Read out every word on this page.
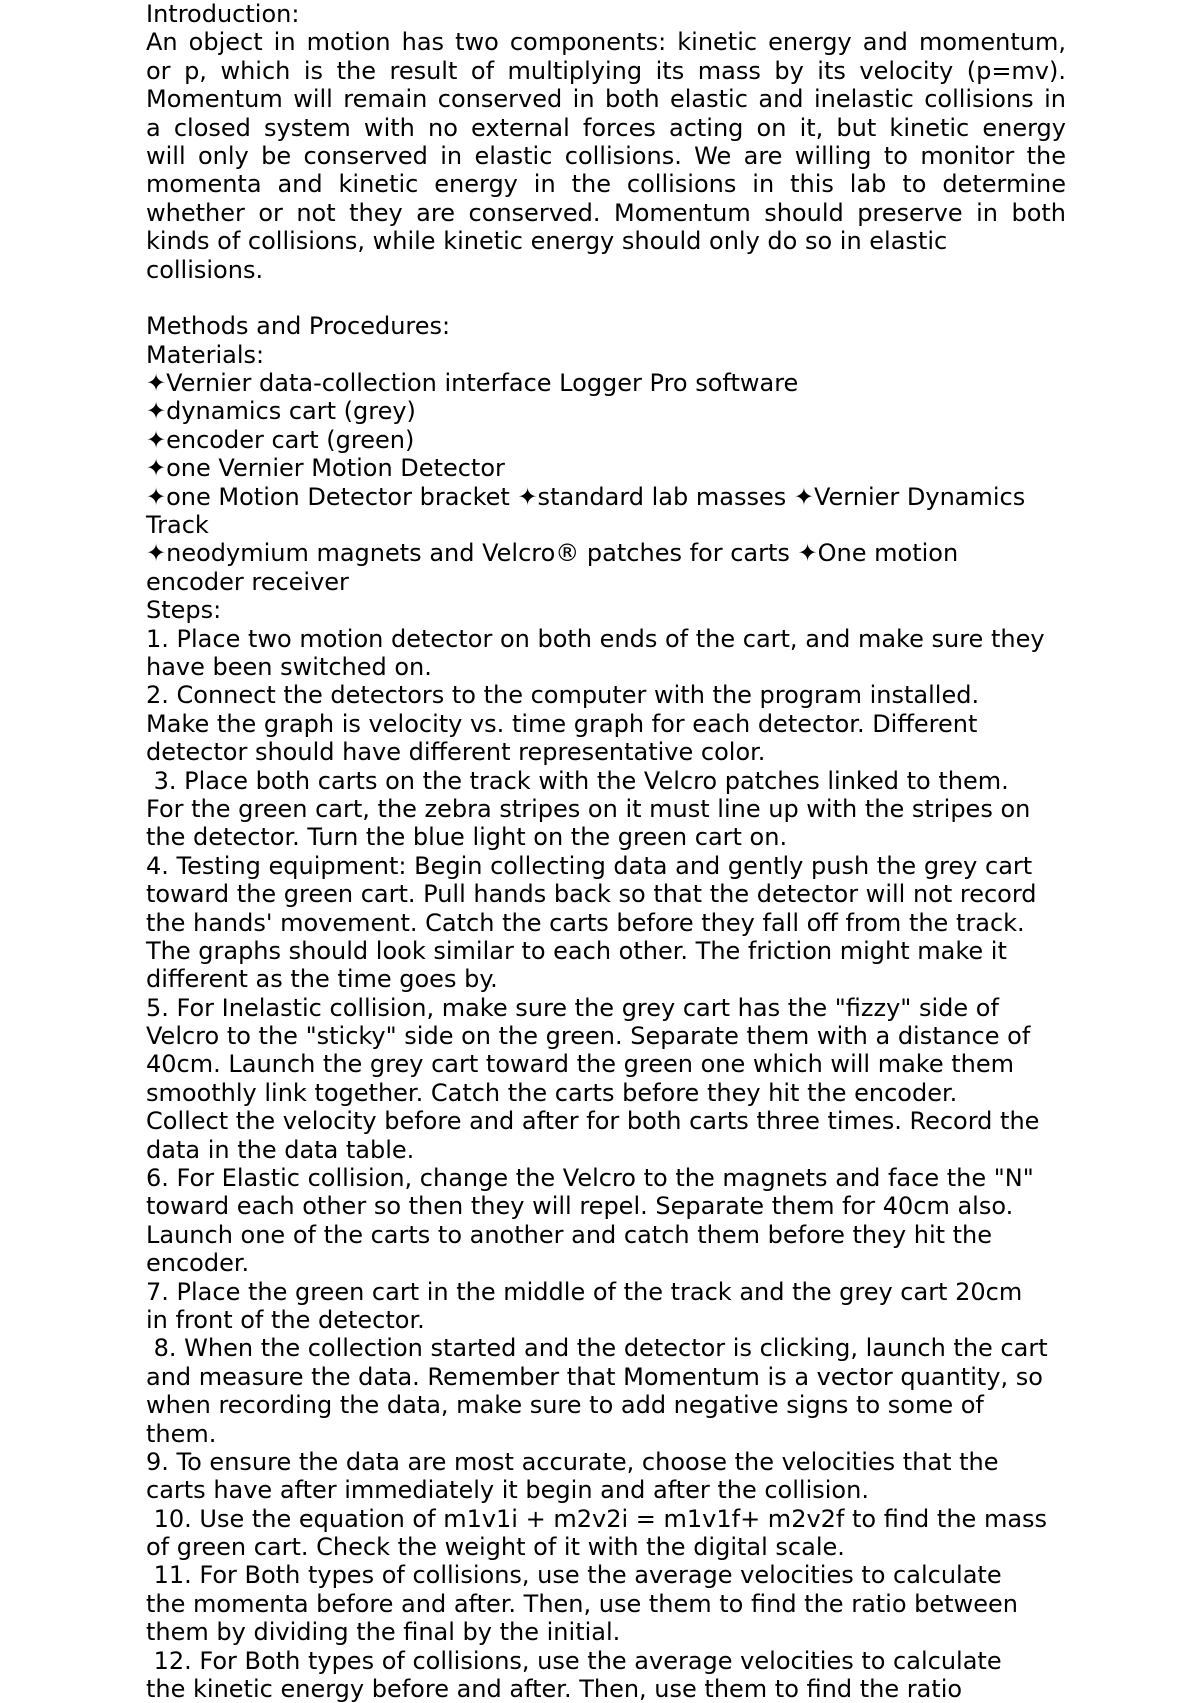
Introduction:
An object in motion has two components: kinetic energy and momentum,
or p, which is the result of multiplying its mass by its velocity (p=mv).
Momentum will remain conserved in both elastic and inelastic collisions in
a closed system with no external forces acting on it, but kinetic energy
will only be conserved in elastic collisions. We are willing to monitor the
momenta and kinetic energy in the collisions in this lab to determine
whether or not they are conserved. Momentum should preserve in both
kinds of collisions, while kinetic energy should only do so in elastic
collisions.
Methods and Procedures:
Materials:
✦Vernier data-collection interface Logger Pro software
✦dynamics cart (grey)
✦encoder cart (green)
✦one Vernier Motion Detector
✦one Motion Detector bracket ✦standard lab masses ✦Vernier Dynamics
Track
✦neodymium magnets and Velcro® patches for carts ✦One motion
encoder receiver
Steps:
1. Place two motion detector on both ends of the cart, and make sure they
have been switched on.
2. Connect the detectors to the computer with the program installed.
Make the graph is velocity vs. time graph for each detector. Different
detector should have different representative color.
3. Place both carts on the track with the Velcro patches linked to them.
For the green cart, the zebra stripes on it must line up with the stripes on
the detector. Turn the blue light on the green cart on.
4. Testing equipment: Begin collecting data and gently push the grey cart
toward the green cart. Pull hands back so that the detector will not record
the hands' movement. Catch the carts before they fall off from the track.
The graphs should look similar to each other. The friction might make it
different as the time goes by.
5. For Inelastic collision, make sure the grey cart has the "fizzy" side of
Velcro to the "sticky" side on the green. Separate them with a distance of
40cm. Launch the grey cart toward the green one which will make them
smoothly link together. Catch the carts before they hit the encoder.
Collect the velocity before and after for both carts three times. Record the
data in the data table.
6. For Elastic collision, change the Velcro to the magnets and face the "N"
toward each other so then they will repel. Separate them for 40cm also.
Launch one of the carts to another and catch them before they hit the
encoder.
7. Place the green cart in the middle of the track and the grey cart 20cm
in front of the detector.
8. When the collection started and the detector is clicking, launch the cart
and measure the data. Remember that Momentum is a vector quantity, so
when recording the data, make sure to add negative signs to some of
them.
9. To ensure the data are most accurate, choose the velocities that the
carts have after immediately it begin and after the collision.
10. Use the equation of m1v1i + m2v2i = m1v1f+ m2v2f to find the mass
of green cart. Check the weight of it with the digital scale.
11. For Both types of collisions, use the average velocities to calculate
the momenta before and after. Then, use them to find the ratio between
them by dividing the final by the initial.
12. For Both types of collisions, use the average velocities to calculate
the kinetic energy before and after. Then, use them to find the ratio
